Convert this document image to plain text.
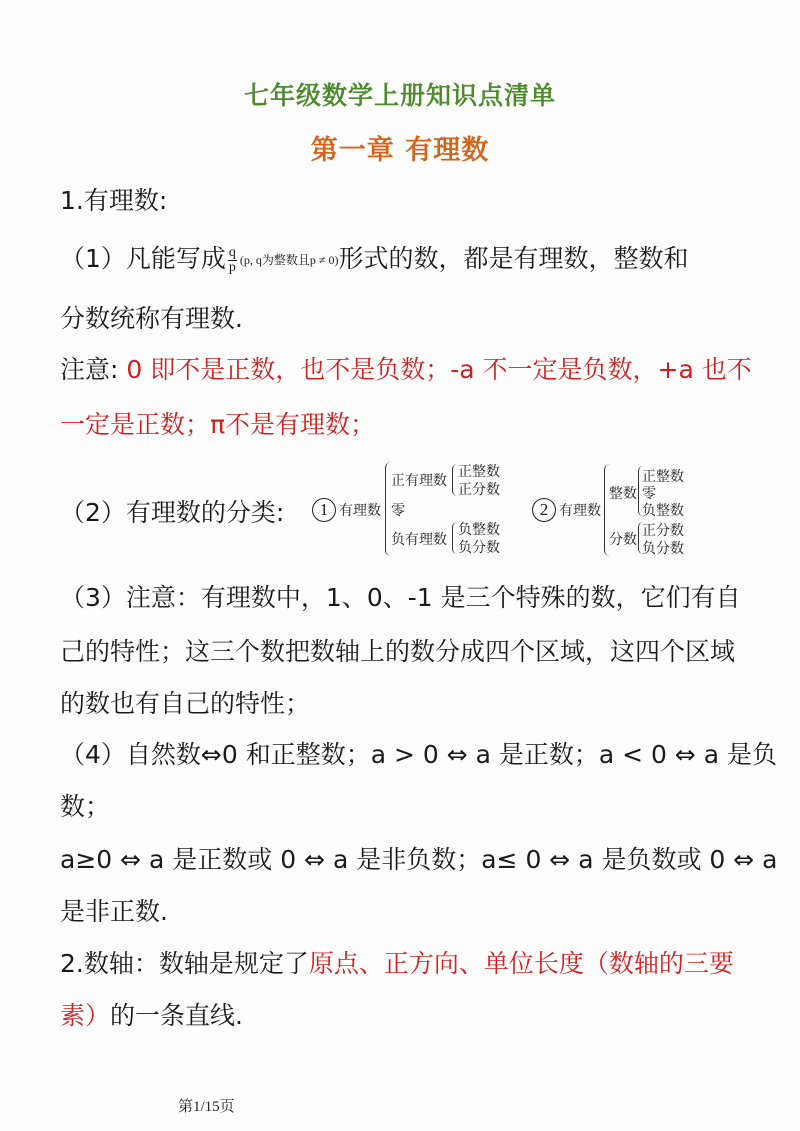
七年级数学上册知识点清单
第一章 有理数
1.有理数:
（1）凡能写成 $\frac{q}{p} (p$, q为整数且p ≠ 0)形式的数，都是有理数，整数和
分数统称有理数.
注意: 0 即不是正数，也不是负数；-a 不一定是负数，+a 也不
一定是正数；π不是有理数；
（2）有理数的分类:	1 有理数
正有理数
正整数
正分数
零
负有理数
负整数
负分数
2 有理数
整数
正整数
零
负整数
分数
正分数
负分数
（3）注意：有理数中，1、0、-1 是三个特殊的数，它们有自
己的特性；这三个数把数轴上的数分成四个区域，这四个区域
的数也有自己的特性；
（4）自然数⇔0 和正整数；a > 0 ⇔ a 是正数；a < 0 ⇔ a 是负
数；
a≥0 ⇔ a 是正数或 0 ⇔ a 是非负数；a≤ 0 ⇔ a 是负数或 0 ⇔ a
是非正数.
2.数轴：数轴是规定了原点、正方向、单位长度（数轴的三要
素）的一条直线.
第1/15页
